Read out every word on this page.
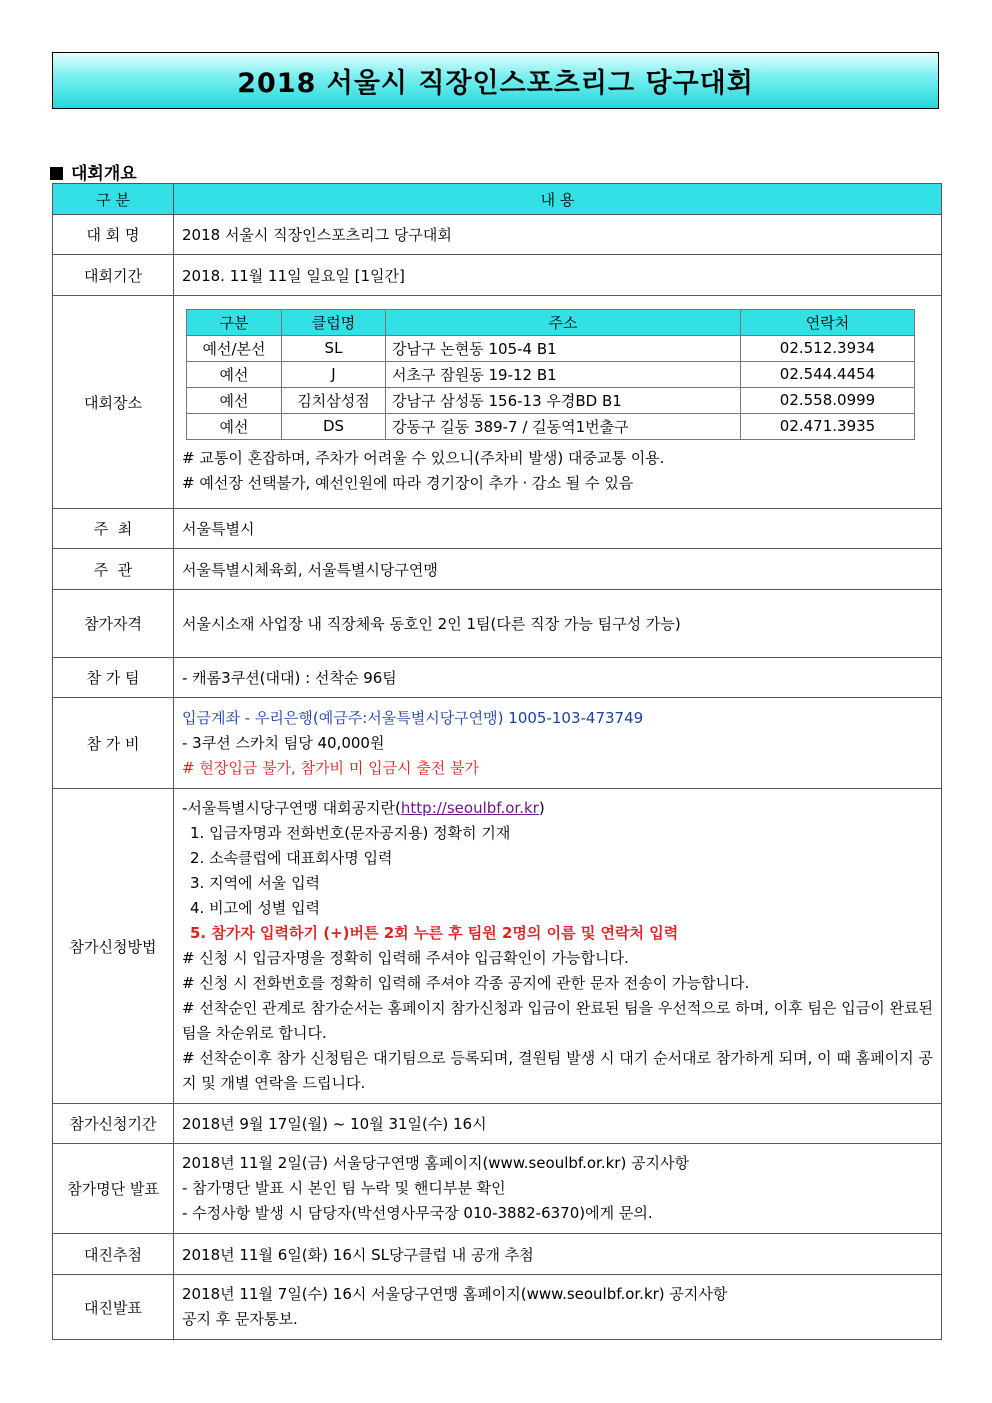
2018 서울시 직장인스포츠리그 당구대회
대회개요
구 분	내 용
대 회 명	2018 서울시 직장인스포츠리그 당구대회
대회기간	2018. 11월 11일 일요일 [1일간]
대회장소	
구분	클럽명	주소	연락처
예선/본선	SL	강남구 논현동 105-4 B1	02.512.3934
예선	J	서초구 잠원동 19-12 B1	02.544.4454
예선	김치삼성점	강남구 삼성동 156-13 우경BD B1	02.558.0999
예선	DS	강동구 길동 389-7 / 길동역1번출구	02.471.3935
# 교통이 혼잡하며, 주차가 어려울 수 있으니(주차비 발생) 대중교통 이용.
# 예선장 선택불가, 예선인원에 따라 경기장이 추가 · 감소 될 수 있음

주  최	서울특별시
주  관	서울특별시체육회, 서울특별시당구연맹
참가자격	서울시소재 사업장 내 직장체육 동호인 2인 1팀(다른 직장 가능 팀구성 가능)
참 가 팀	- 캐롬3쿠션(대대) : 선착순 96팀
참 가 비	
입금계좌 - 우리은행(예금주:서울특별시당구연맹) 1005-103-473749
- 3쿠션 스카치 팀당 40,000원
# 현장입금 불가, 참가비 미 입금시 출전 불가

참가신청방법	
-서울특별시당구연맹 대회공지란(http://seoulbf.or.kr)
1. 입금자명과 전화번호(문자공지용) 정확히 기재
2. 소속클럽에 대표회사명 입력
3. 지역에 서울 입력
4. 비고에 성별 입력
5. 참가자 입력하기 (+)버튼 2회 누른 후 팀원 2명의 이름 및 연락처 입력
# 신청 시 입금자명을 정확히 입력해 주셔야 입금확인이 가능합니다.
# 신청 시 전화번호를 정확히 입력해 주셔야 각종 공지에 관한 문자 전송이 가능합니다.
# 선착순인 관계로 참가순서는 홈페이지 참가신청과 입금이 완료된 팀을 우선적으로 하며, 이후 팀은 입금이 완료된 팀을 차순위로 합니다.
# 선착순이후 참가 신청팀은 대기팀으로 등록되며, 결원팀 발생 시 대기 순서대로 참가하게 되며, 이 때 홈페이지 공지 및 개별 연락을 드립니다.

참가신청기간	2018년 9월 17일(월) ~ 10월 31일(수) 16시
참가명단 발표	
2018년 11월 2일(금) 서울당구연맹 홈페이지(www.seoulbf.or.kr) 공지사항
- 참가명단 발표 시 본인 팀 누락 및 핸디부분 확인
- 수정사항 발생 시 담당자(박선영사무국장 010-3882-6370)에게 문의.

대진추첨	2018년 11월 6일(화) 16시 SL당구클럽 내 공개 추첨
대진발표	
2018년 11월 7일(수) 16시 서울당구연맹 홈페이지(www.seoulbf.or.kr) 공지사항
공지 후 문자통보.
